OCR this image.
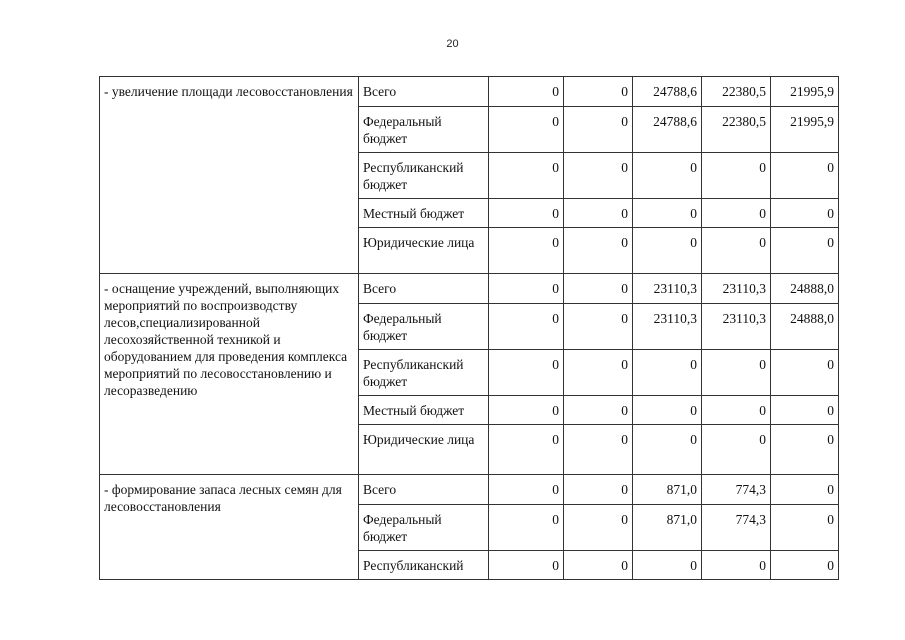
20
- увеличение площади лесовосстановления	Всего	0	0	24788,6	22380,5	21995,9
	Федеральный бюджет	0	0	24788,6	22380,5	21995,9
	Республиканский бюджет	0	0	0	0	0
	Местный бюджет	0	0	0	0	0
	Юридические лица	0	0	0	0	0
- оснащение учреждений, выполняющих мероприятий по воспроизводству лесов,специализированной лесохозяйственной техникой и оборудованием для проведения комплекса мероприятий по лесовосстановлению и лесоразведению	Всего	0	0	23110,3	23110,3	24888,0
	Федеральный бюджет	0	0	23110,3	23110,3	24888,0
	Республиканский бюджет	0	0	0	0	0
	Местный бюджет	0	0	0	0	0
	Юридические лица	0	0	0	0	0
- формирование запаса лесных семян для лесовосстановления	Всего	0	0	871,0	774,3	0
	Федеральный бюджет	0	0	871,0	774,3	0
	Республиканский	0	0	0	0	0
